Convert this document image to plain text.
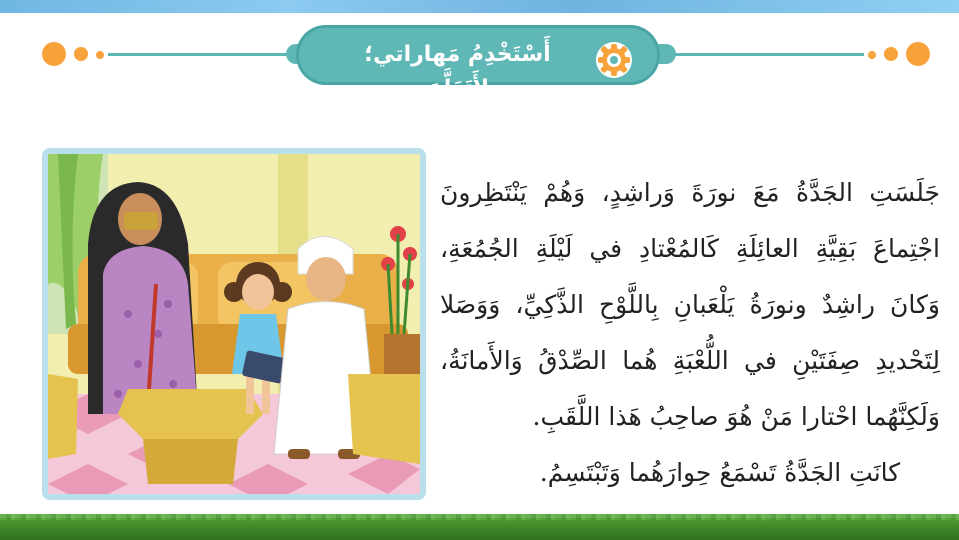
أَسْتَخْدِمُ مَهاراتي؛ لِأَتَعَلَّمَ

جَلَسَتِ الجَدَّةُ مَعَ نورَةَ وَراشِدٍ، وَهُمْ يَنْتَظِرونَ اجْتِماعَ بَقِيَّةِ العائِلَةِ كَالمُعْتادِ في لَيْلَةِ الجُمُعَةِ، وَكانَ راشِدٌ ونورَةُ يَلْعَبانِ بِاللَّوْحِ الذَّكِيِّ، وَوَصَلا لِتَحْديدِ صِفَتَيْنِ في اللُّعْبَةِ هُما الصِّدْقُ وَالأَمانَةُ، وَلَكِنَّهُما احْتارا مَنْ هُوَ صاحِبُ هَذا اللَّقَبِ.

كانَتِ الجَدَّةُ تَسْمَعُ حِوارَهُما وَتَبْتَسِمُ.
